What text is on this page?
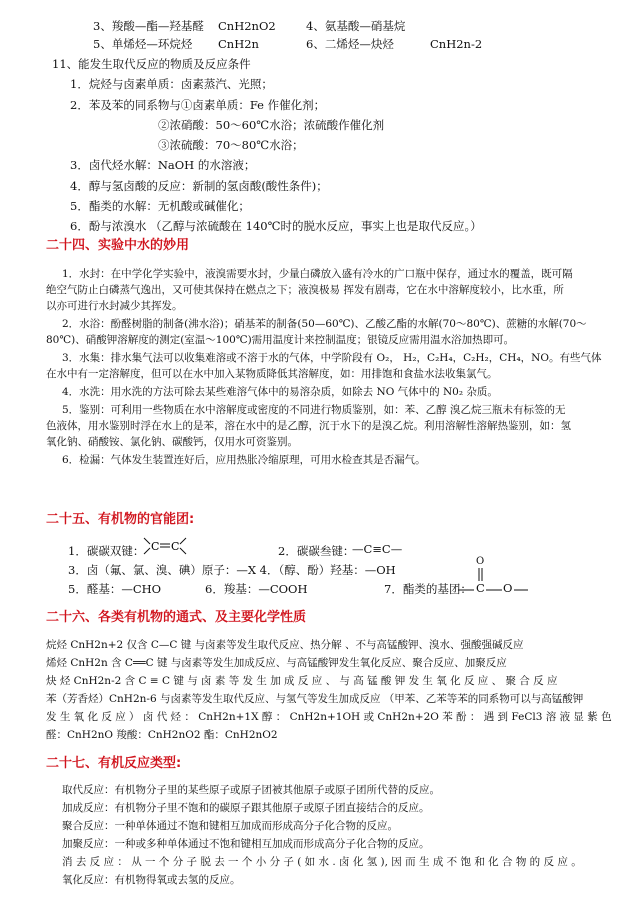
3、羧酸—酯—羟基醛 CnH2nO2	4、氨基酸—硝基烷
5、单烯烃—环烷烃 CnH2n	6、二烯烃—炔烃	CnH2n-2
11、能发生取代反应的物质及反应条件
1．烷烃与卤素单质：卤素蒸汽、光照；
2．苯及苯的同系物与①卤素单质：Fe 作催化剂；
②浓硝酸：50～60℃水浴；浓硫酸作催化剂
③浓硫酸：70～80℃水浴；
3．卤代烃水解：NaOH 的水溶液；
4．醇与氢卤酸的反应：新制的氢卤酸(酸性条件)；
5．酯类的水解：无机酸或碱催化；
6．酚与浓溴水 （乙醇与浓硫酸在 140℃时的脱水反应，事实上也是取代反应。）
二十四、实验中水的妙用
1．水封：在中学化学实验中，液溴需要水封，少量白磷放入盛有冷水的广口瓶中保存，通过水的覆盖，既可隔
绝空气防止白磷蒸气逸出，又可使其保持在燃点之下；液溴极易 挥发有剧毒，它在水中溶解度较小，比水重，所
以亦可进行水封减少其挥发。
2．水浴：酚醛树脂的制备(沸水浴)；硝基苯的制备(50—60℃)、乙酸乙酯的水解(70～80℃)、蔗糖的水解(70～
80℃)、硝酸钾溶解度的测定(室温～100℃)需用温度计来控制温度；银镜反应需用温水浴加热即可。
3．水集：排水集气法可以收集难溶或不溶于水的气体，中学阶段有 O₂， H₂，C₂H₄，C₂H₂，CH₄，NO。有些气体
在水中有一定溶解度，但可以在水中加入某物质降低其溶解度，如：用排饱和食盐水法收集氯气。
4．水洗：用水洗的方法可除去某些难溶气体中的易溶杂质，如除去 NO 气体中的 N0₂ 杂质。
5．鉴别：可利用一些物质在水中溶解度或密度的不同进行物质鉴别，如：苯、乙醇 溴乙烷三瓶未有标签的无
色液体，用水鉴别时浮在水上的是苯，溶在水中的是乙醇，沉于水下的是溴乙烷。利用溶解性溶解热鉴别，如：氢
氧化钠、硝酸铵、氯化钠、碳酸钙，仅用水可资鉴别。
6．检漏：气体发生装置连好后，应用热胀冷缩原理，可用水检查其是否漏气。
二十五、有机物的官能团:
1．碳碳双键： C C	2．碳碳叁键：
—C≡C—
3．卤（氟、氯、溴、碘）原子：—X 4．（醇、酚）羟基：—OH
5．醛基：—CHO	6．羧基：—COOH	7．酯类的基团：
O
C O
二十六、各类有机物的通式、及主要化学性质
烷烃 CnH2n+2 仅含 C—C 键 与卤素等发生取代反应、热分解 、不与高锰酸钾、溴水、强酸强碱反应
烯烃 CnH2n 含 C══C 键 与卤素等发生加成反应、与高锰酸钾发生氧化反应、聚合反应、加聚反应
炔 烃 CnH2n-2 含 C ≡ C 键 与 卤 素 等 发 生 加 成 反 应 、 与 高 锰 酸 钾 发 生 氧 化 反 应 、 聚 合 反 应
苯（芳香烃）CnH2n-6 与卤素等发生取代反应、与氢气等发生加成反应 （甲苯、乙苯等苯的同系物可以与高锰酸钾
发 生 氧 化 反 应 ） 卤 代 烃 ： CnH2n+1X 醇 ： CnH2n+1OH 或 CnH2n+2O 苯 酚 ： 遇 到 FeCl3 溶 液 显 紫 色
醛：CnH2nO 羧酸：CnH2nO2 酯：CnH2nO2
二十七、有机反应类型:
取代反应：有机物分子里的某些原子或原子团被其他原子或原子团所代替的反应。
加成反应：有机物分子里不饱和的碳原子跟其他原子或原子团直接结合的反应。
聚合反应：一种单体通过不饱和键相互加成而形成高分子化合物的反应。
加聚反应：一种或多种单体通过不饱和键相互加成而形成高分子化合物的反应。
消 去 反 应 ： 从 一 个 分 子 脱 去 一 个 小 分 子 ( 如 水 . 卤 化 氢 ), 因 而 生 成 不 饱 和 化 合 物 的 反 应 。
氧化反应：有机物得氧或去氢的反应。
